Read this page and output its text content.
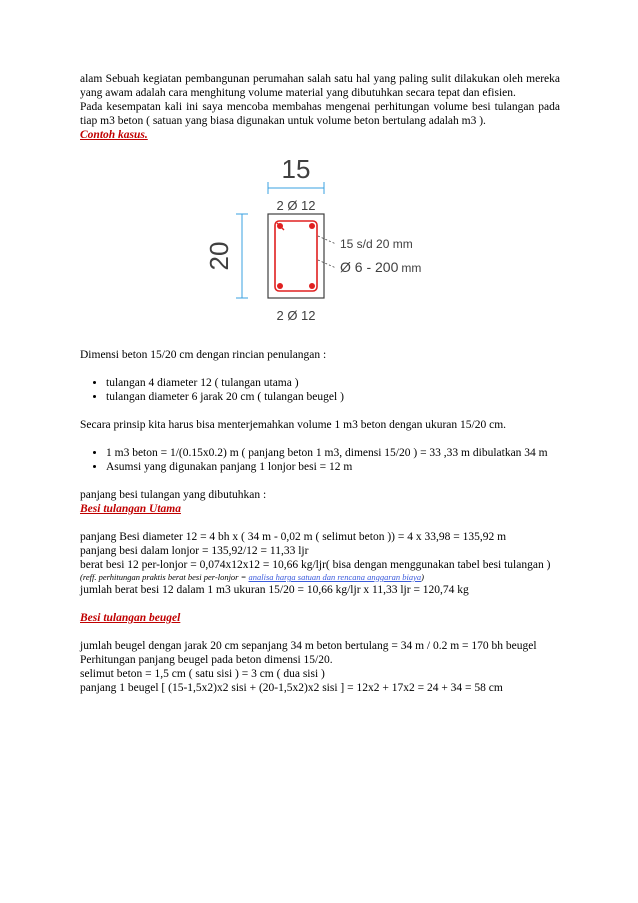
alam Sebuah kegiatan pembangunan perumahan salah satu hal yang paling sulit dilakukan oleh mereka yang awam adalah cara menghitung volume material yang dibutuhkan secara tepat dan efisien.

Pada kesempatan kali ini saya mencoba membahas mengenai perhitungan volume besi tulangan pada tiap m3 beton ( satuan yang biasa digunakan untuk volume beton bertulang adalah m3 ).

Contoh kasus.

15
2 Ø 12
20	15 s/d 20 mm
Ø 6 - 200 mm
2 Ø 12

Dimensi beton 15/20 cm dengan rincian penulangan :

• tulangan 4 diameter 12 ( tulangan utama )
• tulangan diameter 6 jarak 20 cm ( tulangan beugel )

Secara prinsip kita harus bisa menterjemahkan volume 1 m3 beton dengan ukuran 15/20 cm.

• 1 m3 beton = 1/(0.15x0.2) m ( panjang beton 1 m3, dimensi 15/20 ) = 33 ,33 m dibulatkan 34 m
• Asumsi yang digunakan panjang 1 lonjor besi = 12 m

panjang besi tulangan yang dibutuhkan :

Besi tulangan Utama

panjang Besi diameter 12 = 4 bh x ( 34 m - 0,02 m ( selimut beton )) = 4 x 33,98 = 135,92 m

panjang besi dalam lonjor = 135,92/12 = 11,33 ljr

berat besi 12 per-lonjor = 0,074x12x12 = 10,66 kg/ljr( bisa dengan menggunakan tabel besi tulangan )

(reff. perhitungan praktis berat besi per-lonjor = analisa harga satuan dan rencana anggaran biaya)

jumlah berat besi 12 dalam 1 m3 ukuran 15/20 = 10,66 kg/ljr x 11,33 ljr = 120,74 kg

Besi tulangan beugel

jumlah beugel dengan jarak 20 cm sepanjang 34 m beton bertulang = 34 m / 0.2 m = 170 bh beugel

Perhitungan panjang beugel pada beton dimensi 15/20.

selimut beton = 1,5 cm ( satu sisi ) = 3 cm ( dua sisi )

panjang 1 beugel [ (15-1,5x2)x2 sisi + (20-1,5x2)x2 sisi ] = 12x2 + 17x2 = 24 + 34 = 58 cm
